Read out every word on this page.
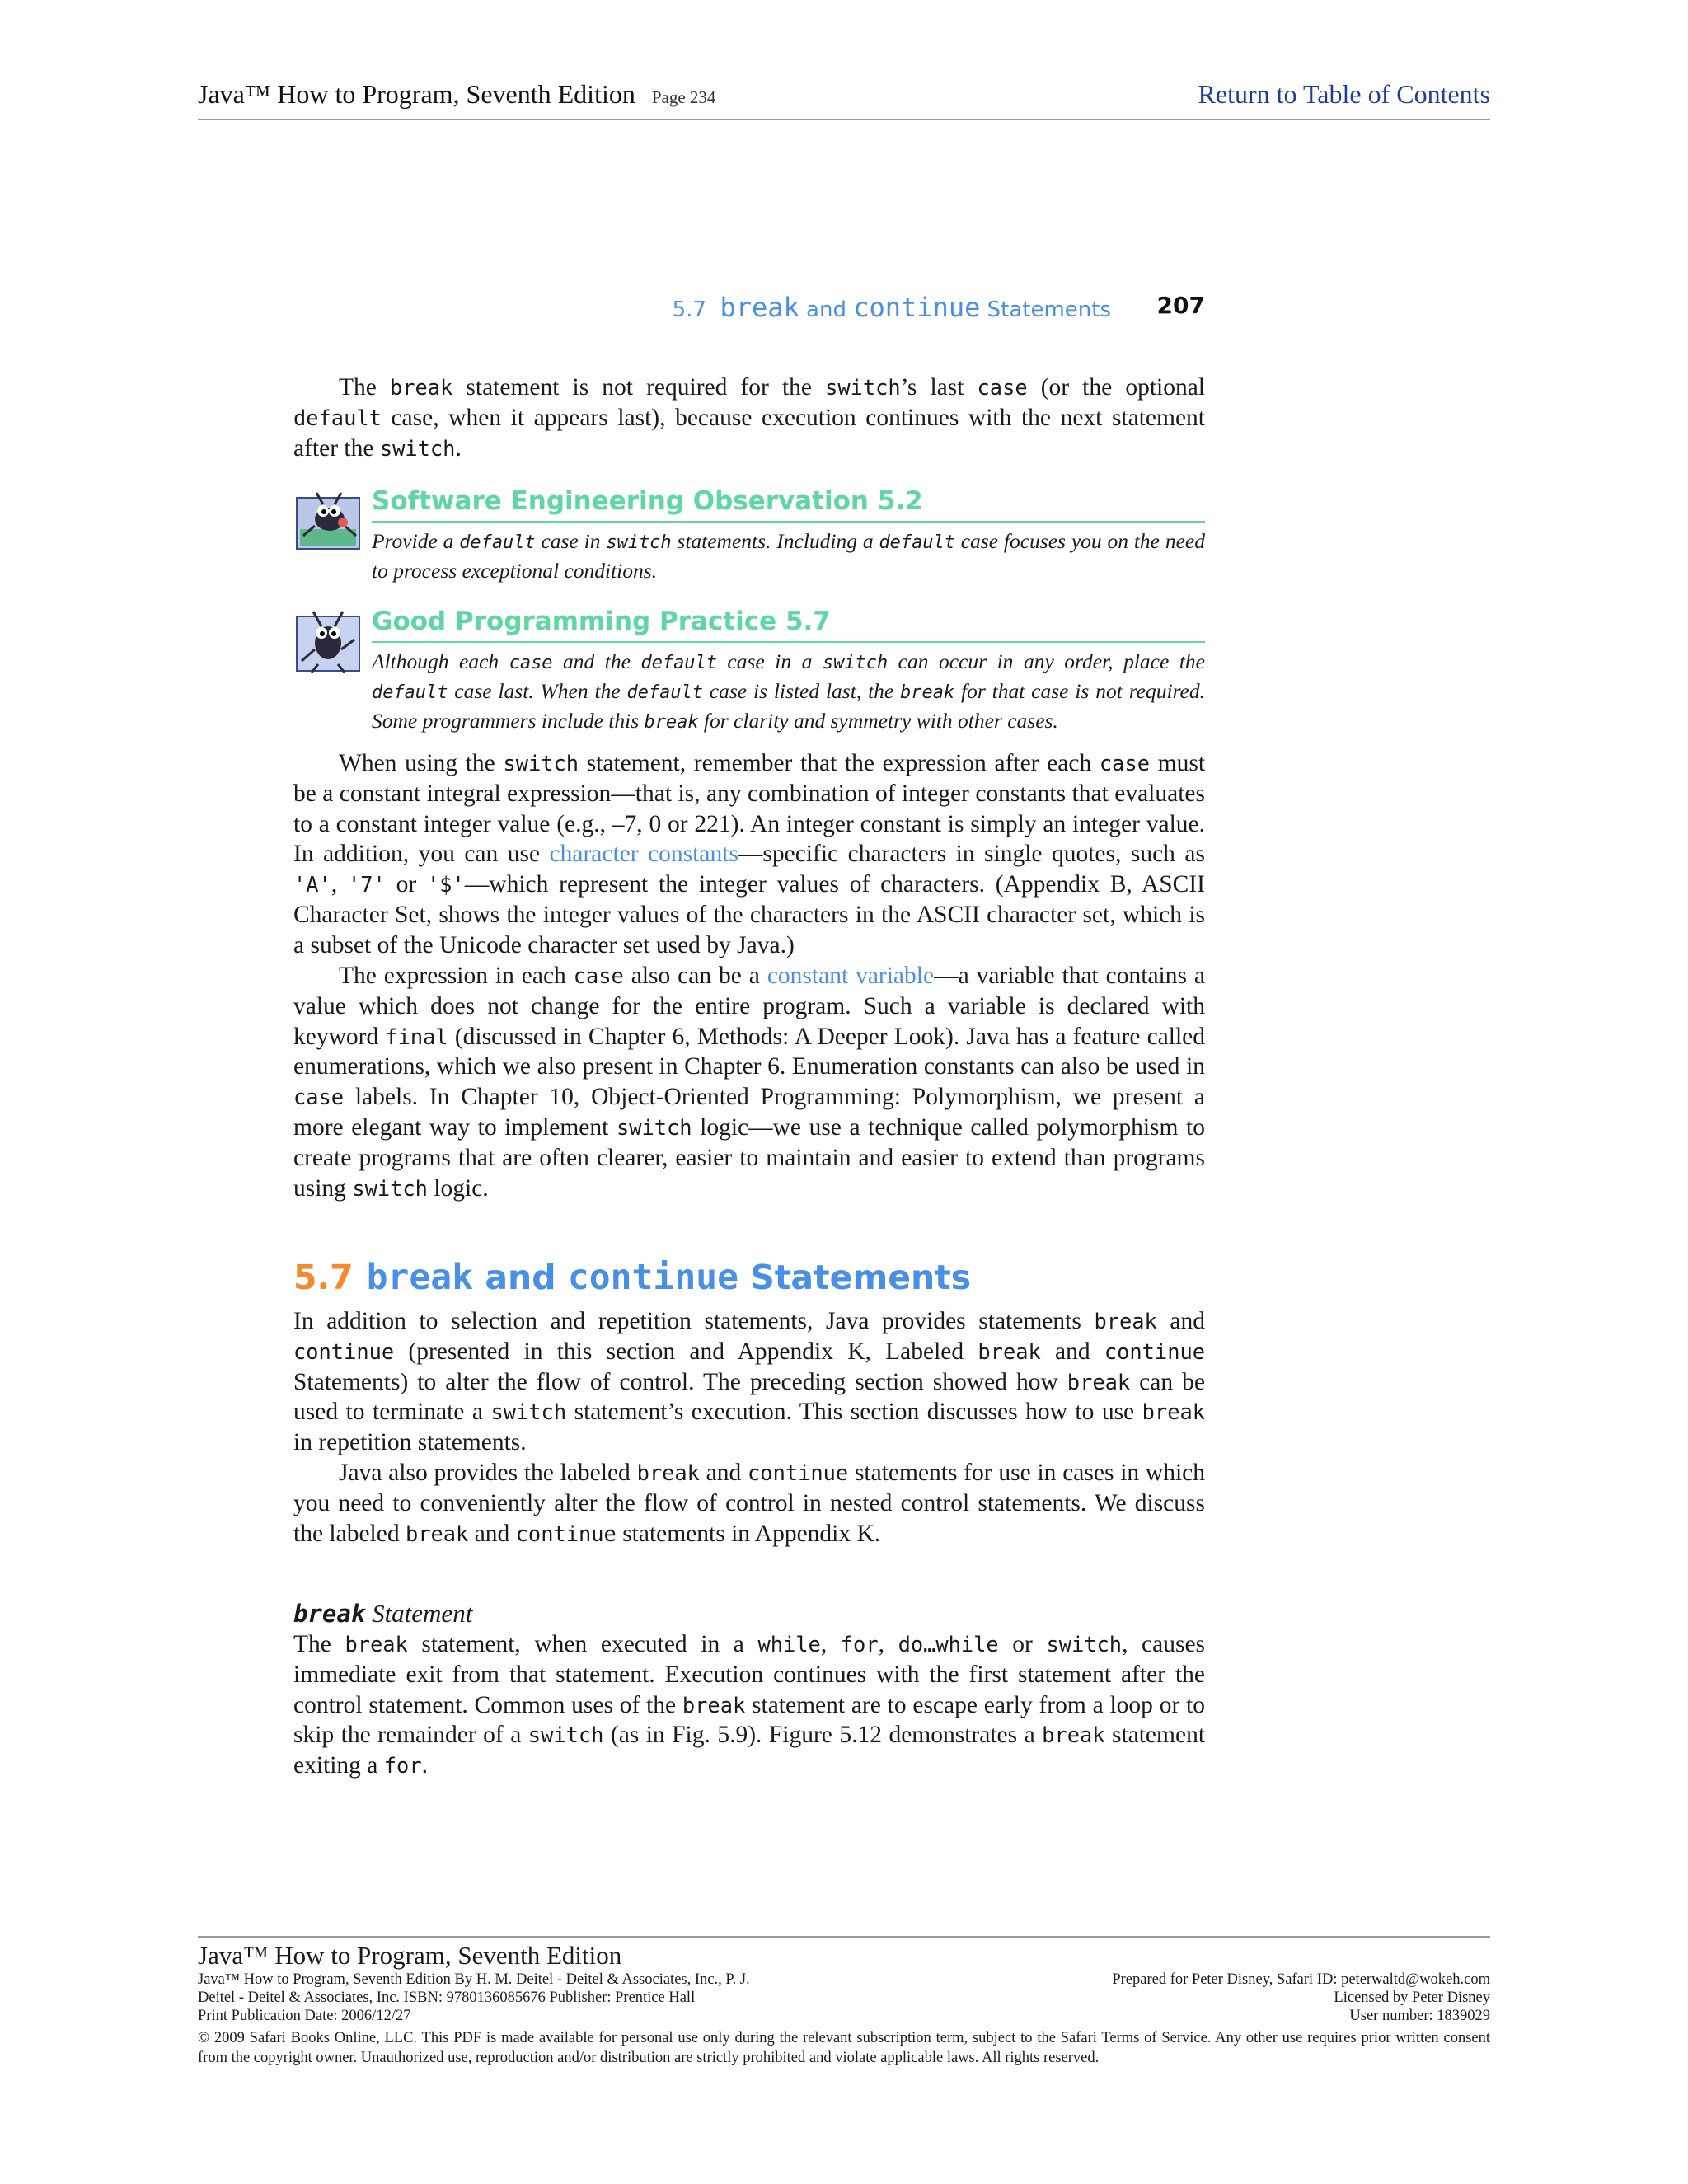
Java™ How to Program, Seventh Edition Page 234	Return to Table of Contents
5.7 break and continue Statements 207
The break statement is not required for the switch’s last case (or the optional default case, when it appears last), because execution continues with the next statement after the switch.
Software Engineering Observation 5.2
Provide a default case in switch statements. Including a default case focuses you on the need to process exceptional conditions.
Good Programming Practice 5.7
Although each case and the default case in a switch can occur in any order, place the default case last. When the default case is listed last, the break for that case is not required. Some programmers include this break for clarity and symmetry with other cases.
When using the switch statement, remember that the expression after each case must be a constant integral expression—that is, any combination of integer constants that evaluates to a constant integer value (e.g., –7, 0 or 221). An integer constant is simply an integer value. In addition, you can use character constants—specific characters in single quotes, such as 'A', '7' or '$'—which represent the integer values of characters. (Appendix B, ASCII Character Set, shows the integer values of the characters in the ASCII character set, which is a subset of the Unicode character set used by Java.)
The expression in each case also can be a constant variable—a variable that contains a value which does not change for the entire program. Such a variable is declared with keyword final (discussed in Chapter 6, Methods: A Deeper Look). Java has a feature called enumerations, which we also present in Chapter 6. Enumeration constants can also be used in case labels. In Chapter 10, Object-Oriented Programming: Polymorphism, we present a more elegant way to implement switch logic—we use a technique called polymorphism to create programs that are often clearer, easier to maintain and easier to extend than programs using switch logic.
5.7 break and continue Statements
In addition to selection and repetition statements, Java provides statements break and continue (presented in this section and Appendix K, Labeled break and continue Statements) to alter the flow of control. The preceding section showed how break can be used to terminate a switch statement’s execution. This section discusses how to use break in repetition statements.
Java also provides the labeled break and continue statements for use in cases in which you need to conveniently alter the flow of control in nested control statements. We discuss the labeled break and continue statements in Appendix K.
break Statement
The break statement, when executed in a while, for, do…while or switch, causes immediate exit from that statement. Execution continues with the first statement after the control statement. Common uses of the break statement are to escape early from a loop or to skip the remainder of a switch (as in Fig. 5.9). Figure 5.12 demonstrates a break statement exiting a for.
Java™ How to Program, Seventh Edition
Java™ How to Program, Seventh Edition By H. M. Deitel - Deitel & Associates, Inc., P. J.
Deitel - Deitel & Associates, Inc. ISBN: 9780136085676 Publisher: Prentice Hall
Print Publication Date: 2006/12/27
Prepared for Peter Disney, Safari ID: peterwaltd@wokeh.com
Licensed by Peter Disney
User number: 1839029
© 2009 Safari Books Online, LLC. This PDF is made available for personal use only during the relevant subscription term, subject to the Safari Terms of Service. Any other use requires prior written consent from the copyright owner. Unauthorized use, reproduction and/or distribution are strictly prohibited and violate applicable laws. All rights reserved.
